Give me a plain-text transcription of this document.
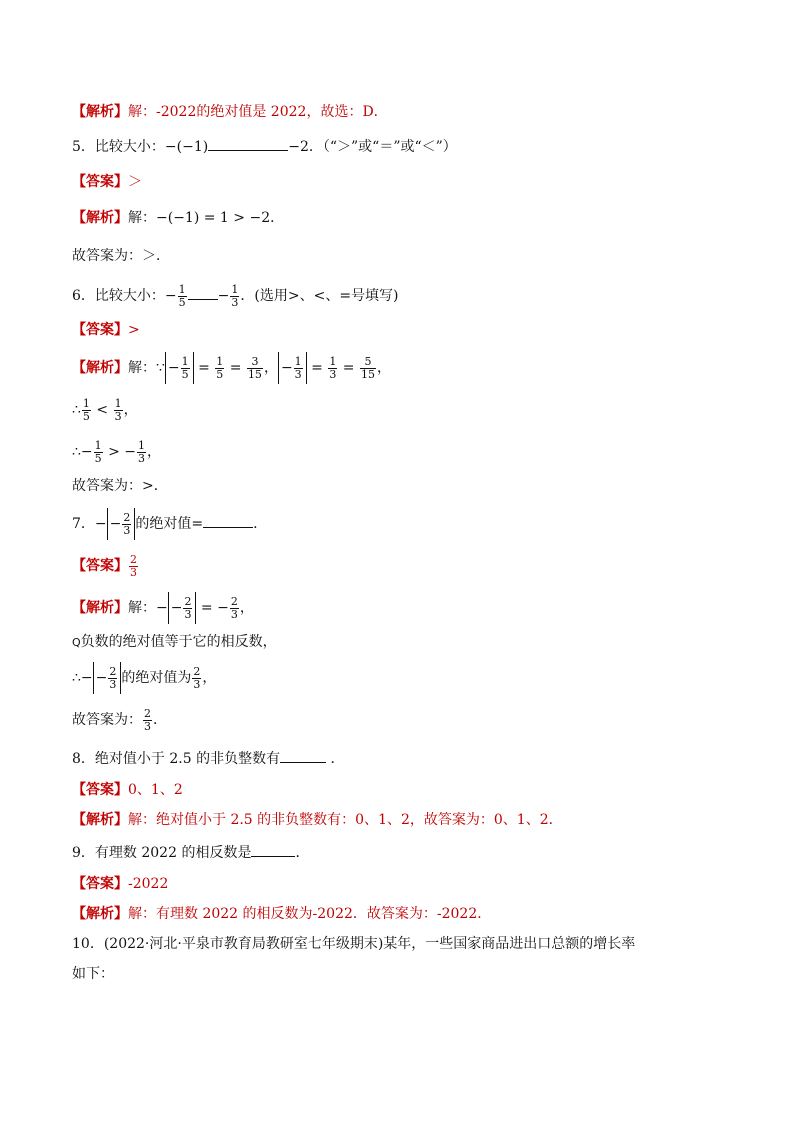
【解析】解：-2022的绝对值是 2022，故选：D．
5．比较大小：−(−1)	−2．（“＞”或“＝”或“＜”）
【答案】＞
【解析】解：−(−1) = 1 > −2．
故答案为：＞．
6．比较大小：− $\frac{1}{5} - \frac{1}{3}$ ．(选用>、<、=号填写)
【答案】>
【解析】解：∵ − $\frac{1}{5} = \frac{1}{5} = \frac{3}{15}$ ， − $\frac{1}{3} = \frac{1}{3} = \frac{5}{15}$ ，
∴ $\frac{1}{5} < \frac{1}{3}$ ，
∴− $\frac{1}{5}$ > − $\frac{1}{3}$ ，
故答案为：>．
7．− − $\frac{2}{3}$ 的绝对值=	.
【答案】 $\frac{2}{3}$
【解析】解：− − $\frac{2}{3}$ = − $\frac{2}{3}$ ，
Q负数的绝对值等于它的相反数，
∴− − $\frac{2}{3}$ 的绝对值为 $\frac{2}{3}$ ，
故答案为： $\frac{2}{3}$ ．
8．绝对值小于 2.5 的非负整数有	．
【答案】0、1、2
【解析】解：绝对值小于 2.5 的非负整数有：0、1、2，故答案为：0、1、2．
9．有理数 2022 的相反数是	．
【答案】-2022
【解析】解：有理数 2022 的相反数为-2022．故答案为：-2022．
10．(2022·河北·平泉市教育局教研室七年级期末)某年，一些国家商品进出口总额的增长率
如下：
